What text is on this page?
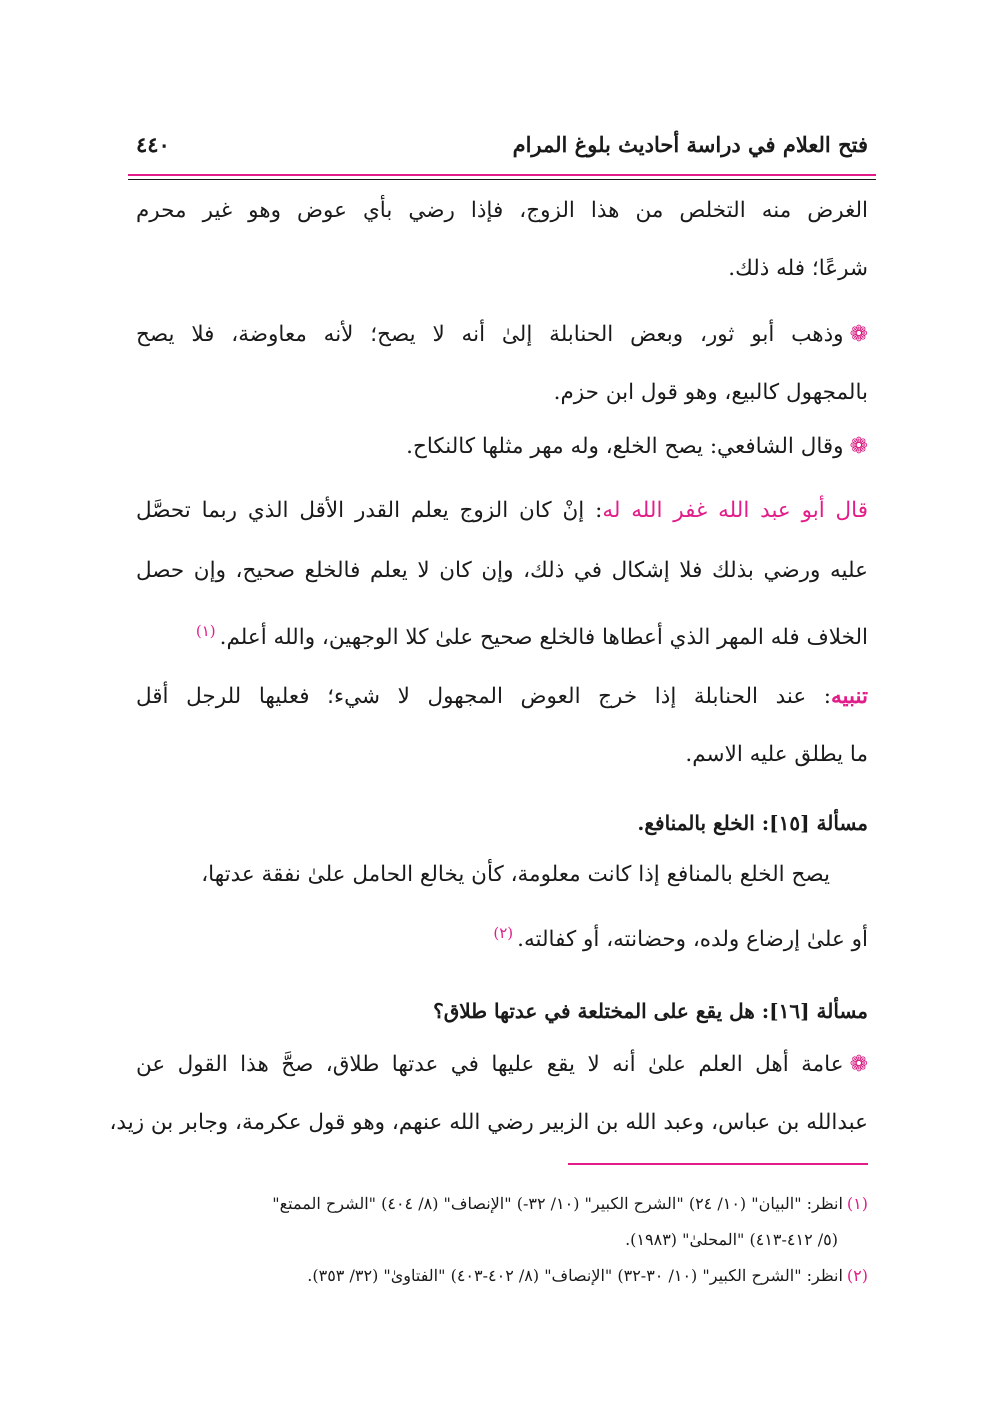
فتح العلام في دراسة أحاديث بلوغ المرام
٤٤٠
الغرض منه التخلص من هذا الزوج، فإذا رضي بأي عوض وهو غير محرم
شرعًا؛ فله ذلك.
❁وذهب أبو ثور، وبعض الحنابلة إلىٰ أنه لا يصح؛ لأنه معاوضة، فلا يصح
بالمجهول كالبيع، وهو قول ابن حزم.
❁وقال الشافعي: يصح الخلع، وله مهر مثلها كالنكاح.
قال أبو عبد الله غفر الله له: إنْ كان الزوج يعلم القدر الأقل الذي ربما تحصَّل
عليه ورضي بذلك فلا إشكال في ذلك، وإن كان لا يعلم فالخلع صحيح، وإن حصل
الخلاف فله المهر الذي أعطاها فالخلع صحيح علىٰ كلا الوجهين، والله أعلم.$^{(١)}$
تنبيه: عند الحنابلة إذا خرج العوض المجهول لا شيء؛ فعليها للرجل أقل
ما يطلق عليه الاسم.
مسألة [١٥]: الخلع بالمنافع.
يصح الخلع بالمنافع إذا كانت معلومة، كأن يخالع الحامل علىٰ نفقة عدتها،
أو علىٰ إرضاع ولده، وحضانته، أو كفالته.$^{(٢)}$
مسألة [١٦]: هل يقع على المختلعة في عدتها طلاق؟
❁عامة أهل العلم علىٰ أنه لا يقع عليها في عدتها طلاق، صحَّ هذا القول عن
عبدالله بن عباس، وعبد الله بن الزبير رضي الله عنهم، وهو قول عكرمة، وجابر بن زيد،
(١)انظر: "البيان" (١٠/ ٢٤) "الشرح الكبير" (١٠/ ٣٢-) "الإنصاف" (٨/ ٤٠٤) "الشرح الممتع"
(٥/ ٤١٢-٤١٣) "المحلىٰ" (١٩٨٣).
(٢)انظر: "الشرح الكبير" (١٠/ ٣٠-٣٢) "الإنصاف" (٨/ ٤٠٢-٤٠٣) "الفتاوىٰ" (٣٢/ ٣٥٣).
